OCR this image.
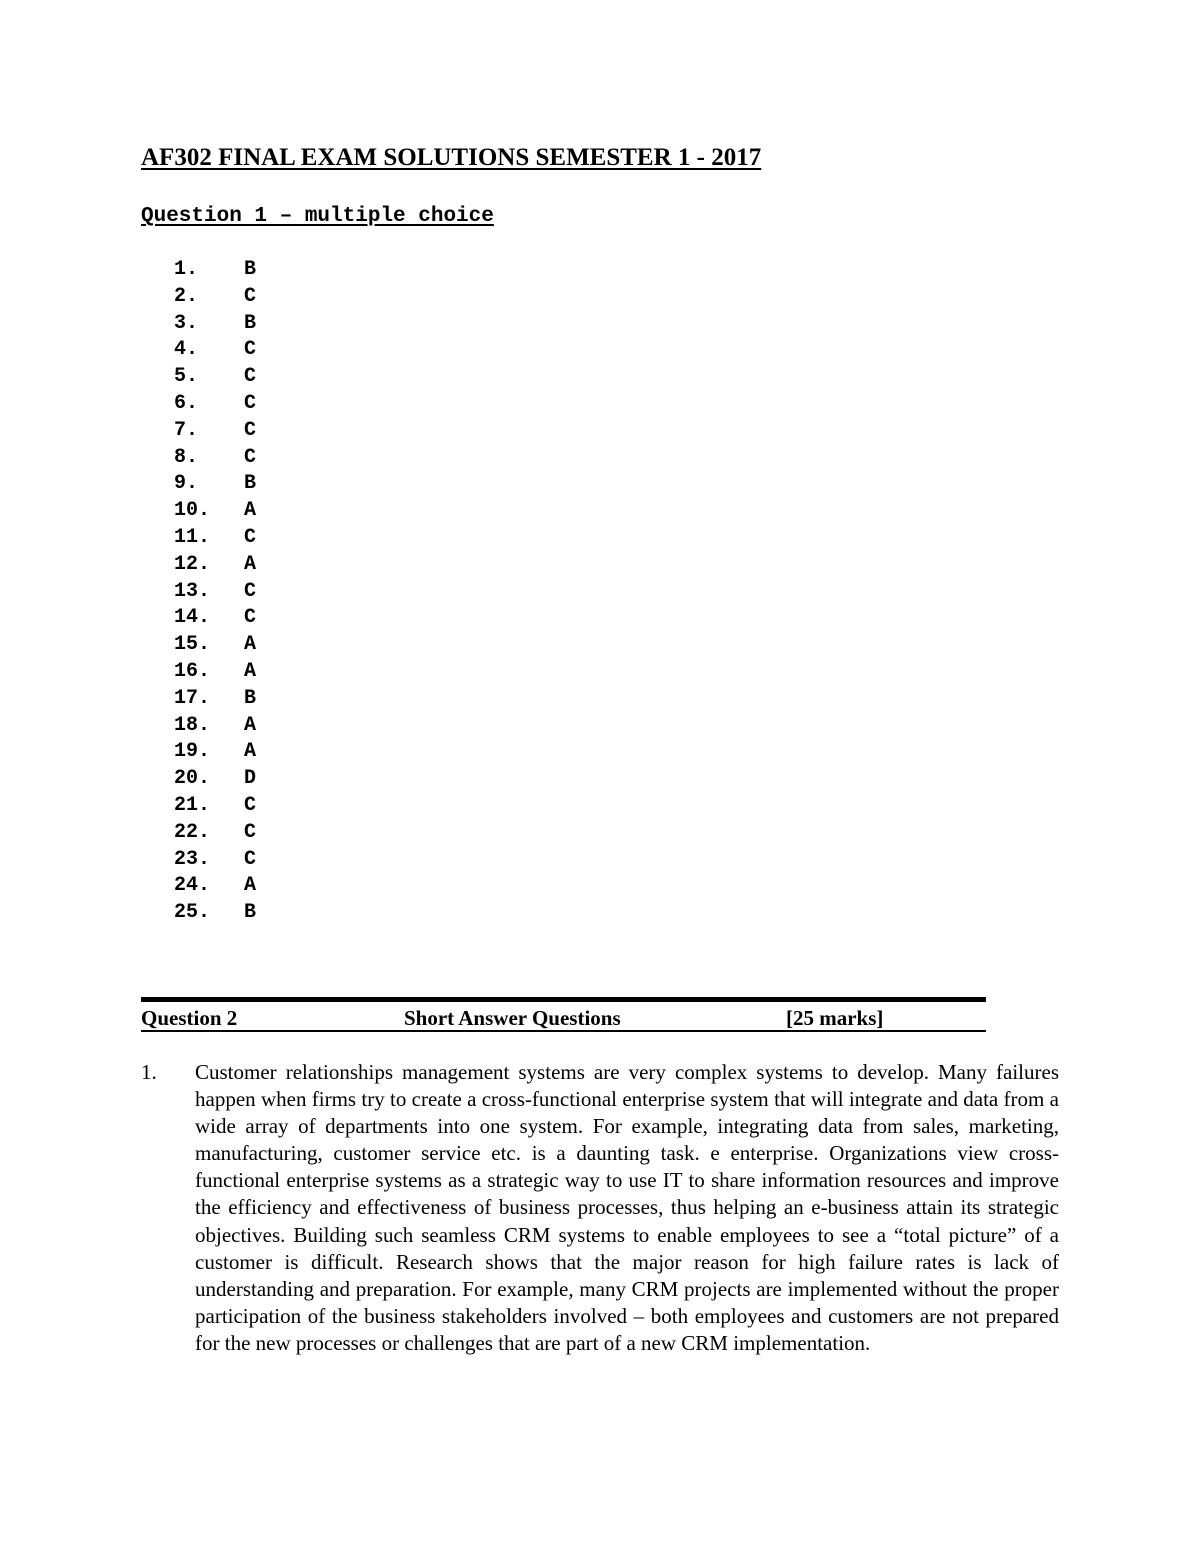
AF302 FINAL EXAM SOLUTIONS SEMESTER 1 - 2017
Question 1 – multiple choice
1.	B
2.	C
3.	B
4.	C
5.	C
6.	C
7.	C
8.	C
9.	B
10.	A
11.	C
12.	A
13.	C
14.	C
15.	A
16.	A
17.	B
18.	A
19.	A
20.	D
21.	C
22.	C
23.	C
24.	A
25.	B
Question 2	Short Answer Questions	[25 marks]
1. Customer relationships management systems are very complex systems to develop. Many failures happen when firms try to create a cross-functional enterprise system that will integrate and data from a wide array of departments into one system. For example, integrating data from sales, marketing, manufacturing, customer service etc. is a daunting task. e enterprise. Organizations view cross-functional enterprise systems as a strategic way to use IT to share information resources and improve the efficiency and effectiveness of business processes, thus helping an e-business attain its strategic objectives. Building such seamless CRM systems to enable employees to see a “total picture” of a customer is difficult. Research shows that the major reason for high failure rates is lack of understanding and preparation. For example, many CRM projects are implemented without the proper participation of the business stakeholders involved – both employees and customers are not prepared for the new processes or challenges that are part of a new CRM implementation.
